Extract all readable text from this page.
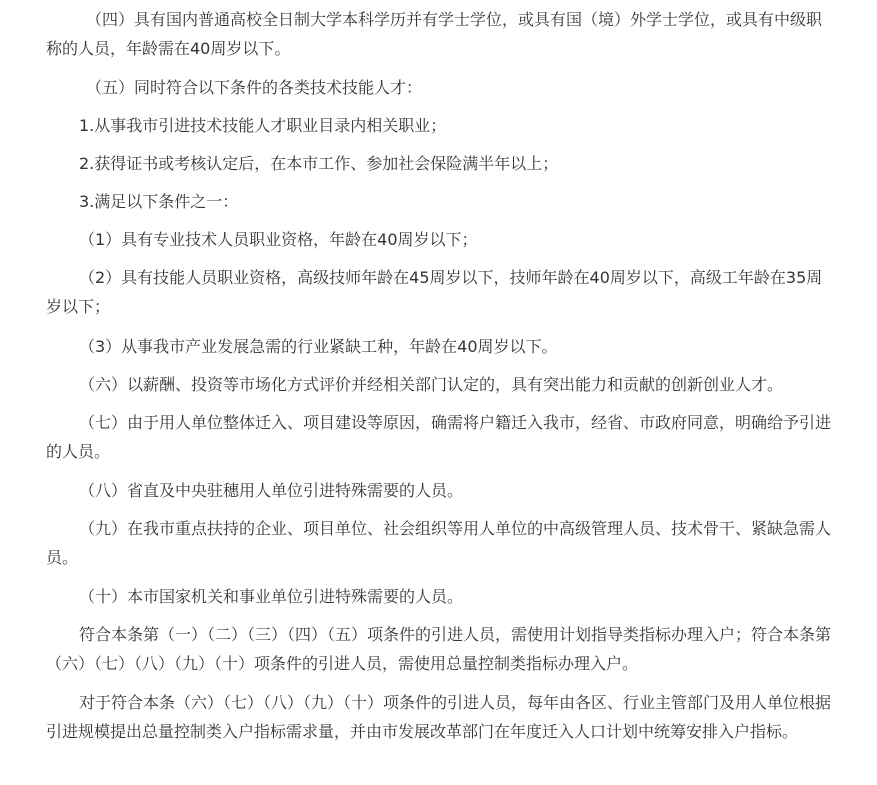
（四）具有国内普通高校全日制大学本科学历并有学士学位，或具有国（境）外学士学位，或具有中级职称的人员，年龄需在40周岁以下。

（五）同时符合以下条件的各类技术技能人才：

1.从事我市引进技术技能人才职业目录内相关职业；

2.获得证书或考核认定后，在本市工作、参加社会保险满半年以上；

3.满足以下条件之一：

（1）具有专业技术人员职业资格，年龄在40周岁以下；

（2）具有技能人员职业资格，高级技师年龄在45周岁以下，技师年龄在40周岁以下，高级工年龄在35周岁以下；

（3）从事我市产业发展急需的行业紧缺工种，年龄在40周岁以下。

（六）以薪酬、投资等市场化方式评价并经相关部门认定的，具有突出能力和贡献的创新创业人才。

（七）由于用人单位整体迁入、项目建设等原因，确需将户籍迁入我市，经省、市政府同意，明确给予引进的人员。

（八）省直及中央驻穗用人单位引进特殊需要的人员。

（九）在我市重点扶持的企业、项目单位、社会组织等用人单位的中高级管理人员、技术骨干、紧缺急需人员。

（十）本市国家机关和事业单位引进特殊需要的人员。

符合本条第（一）（二）（三）（四）（五）项条件的引进人员，需使用计划指导类指标办理入户；符合本条第（六）（七）（八）（九）（十）项条件的引进人员，需使用总量控制类指标办理入户。

对于符合本条（六）（七）（八）（九）（十）项条件的引进人员，每年由各区、行业主管部门及用人单位根据引进规模提出总量控制类入户指标需求量，并由市发展改革部门在年度迁入人口计划中统筹安排入户指标。
